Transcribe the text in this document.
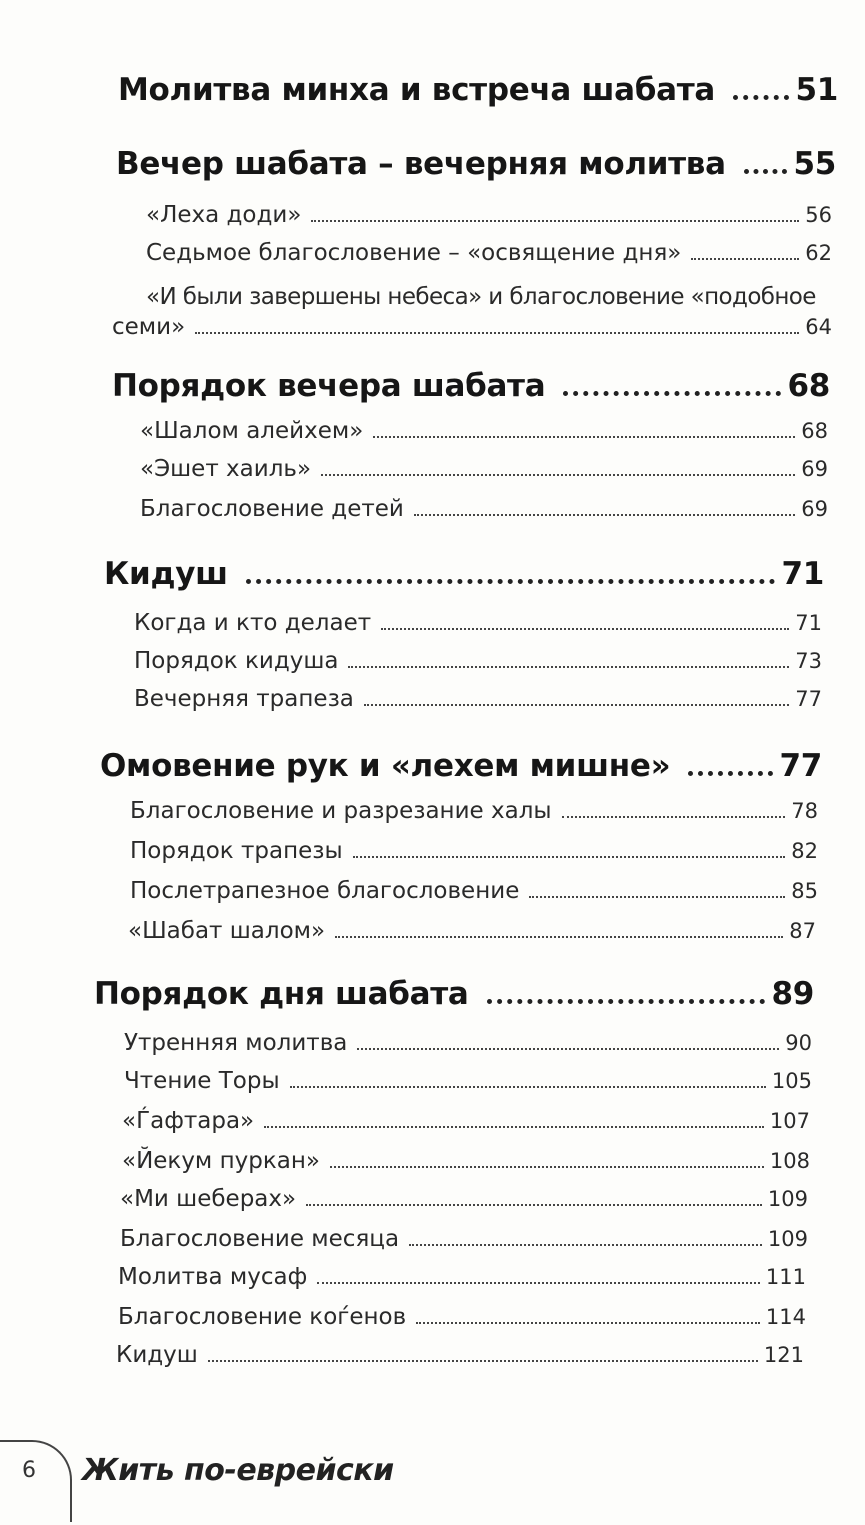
Молитва минха и встреча шабата	51
Вечер шабата – вечерняя молитва 55
«Леха доди»	56
Седьмое благословение – «освящение дня»	62
«И были завершены небеса» и благословение «подобное
семи»	64
Порядок вечера шабата	68
«Шалом алейхем»	68
«Эшет хаиль»	69
Благословение детей	69
Кидуш	71
Когда и кто делает	71
Порядок кидуша	73
Вечерняя трапеза	77
Омовение рук и «лехем мишне»	77
Благословение и разрезание халы	78
Порядок трапезы	82
Послетрапезное благословение	85
«Шабат шалом»	87
Порядок дня шабата	89
Утренняя молитва	90
Чтение Торы	105
«Ѓафтара»	107
«Йекум пуркан»	108
«Ми шеберах»	109
Благословение месяца	109
Молитва мусаф	111
Благословение коѓенов	114
Кидуш	121
6 Жить по-еврейски
